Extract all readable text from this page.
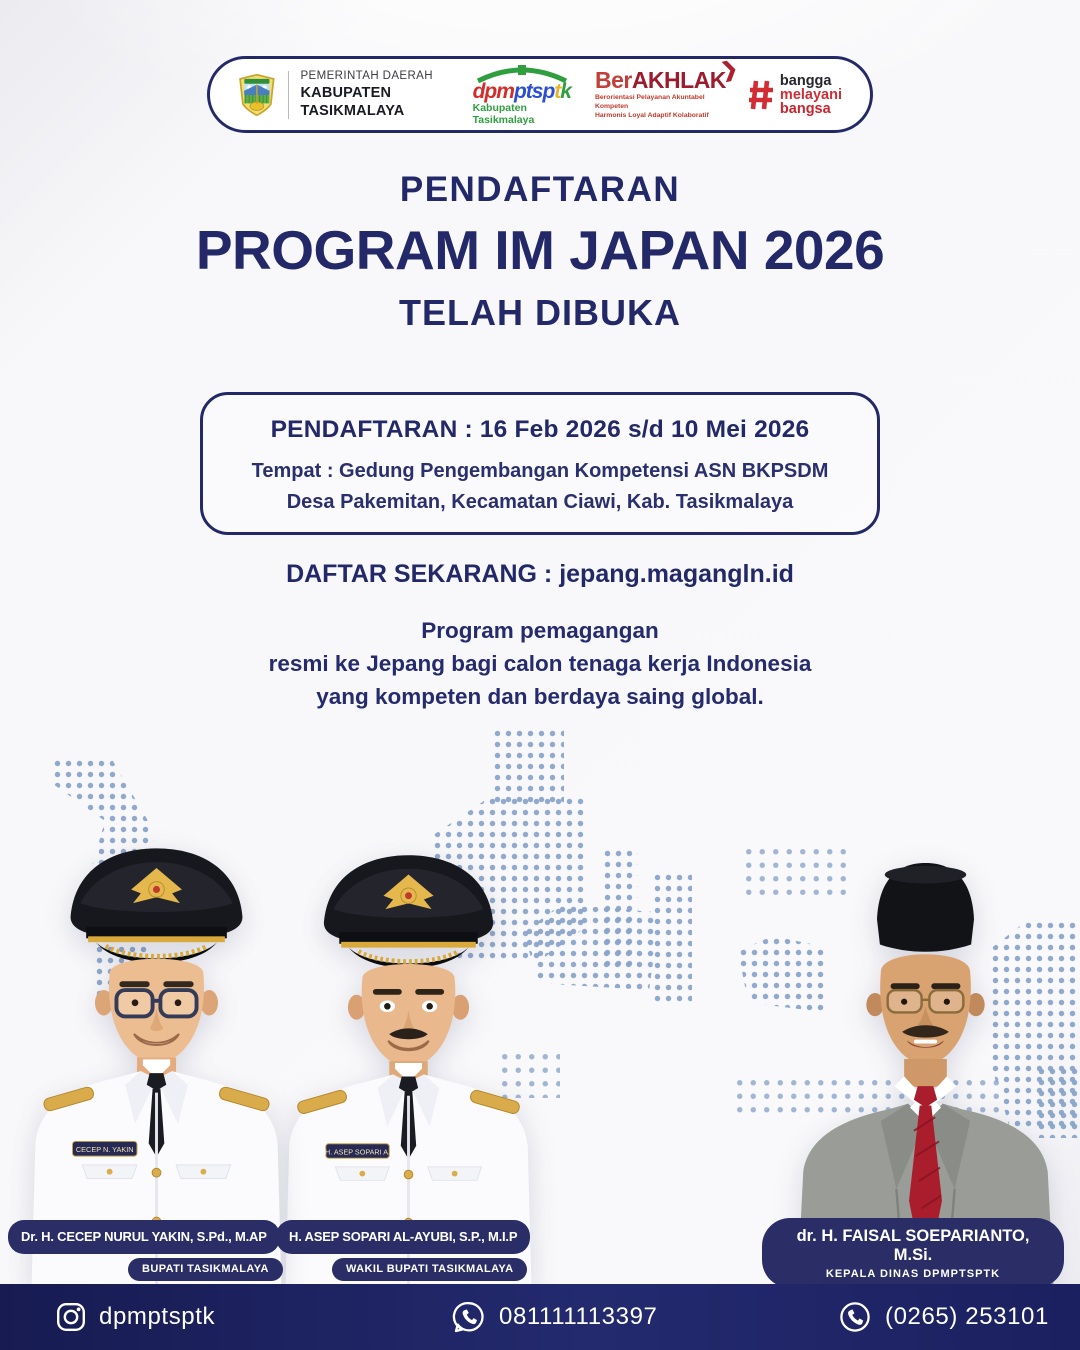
H. ASEP SOPARI A.
CECEP N. YAKIN
PEMERINTAH DAERAH
KABUPATEN TASIKMALAYA
dpmptsptk
Kabupaten Tasikmalaya
BerAKHLAK
❯
Berorientasi Pelayanan Akuntabel Kompeten
Harmonis Loyal Adaptif Kolaboratif
bangga
melayani
bangsa
PENDAFTARAN
PROGRAM IM JAPAN 2026
TELAH DIBUKA
PENDAFTARAN : 16 Feb 2026 s/d 10 Mei 2026
Tempat : Gedung Pengembangan Kompetensi ASN BKPSDM
Desa Pakemitan, Kecamatan Ciawi, Kab. Tasikmalaya
DAFTAR SEKARANG : jepang.magangln.id
Program pemagangan
resmi ke Jepang bagi calon tenaga kerja Indonesia
yang kompeten dan berdaya saing global.
Dr. H. CECEP NURUL YAKIN, S.Pd., M.AP	H. ASEP SOPARI AL-AYUBI, S.P., M.I.P
BUPATI TASIKMALAYA	WAKIL BUPATI TASIKMALAYA
dr. H. FAISAL SOEPARIANTO, M.Si.
KEPALA DINAS DPMPTSPTK
dpmptsptk	081111113397	(0265) 253101
